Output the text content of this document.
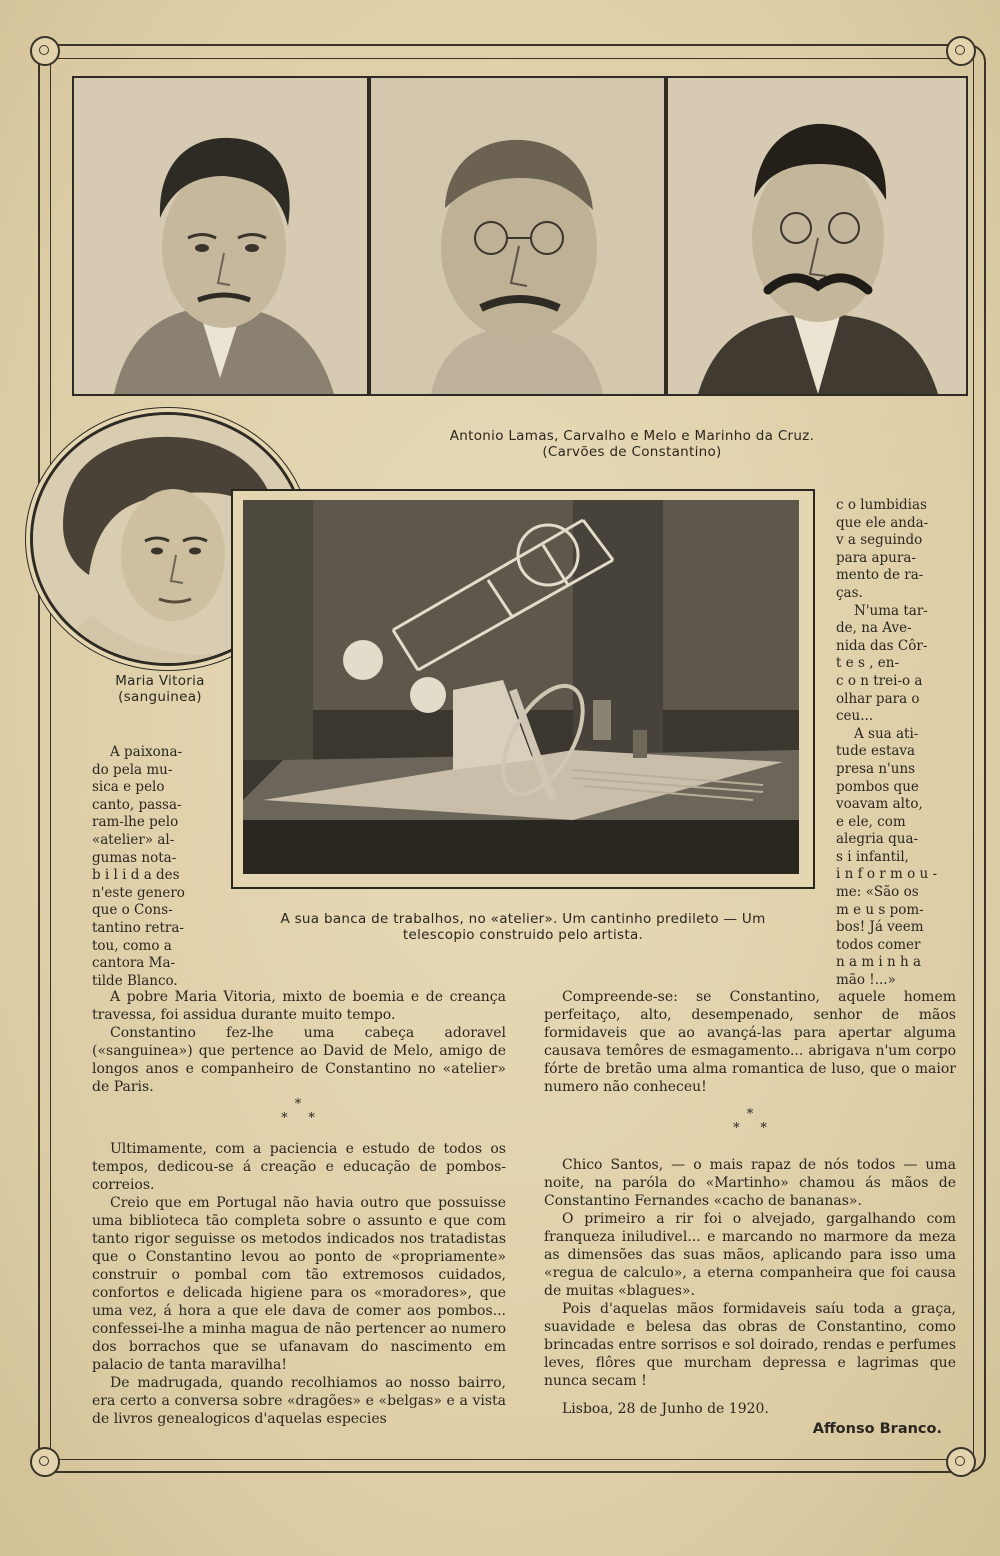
Antonio Lamas, Carvalho e Melo e Marinho da Cruz.
(Carvões de Constantino)
Maria Vitoria
(sanguinea)
A sua banca de trabalhos, no «atelier». Um cantinho predileto — Um
telescopio construido pelo artista.
A paixona-
do pela mu-
sica e pelo
canto, passa-
ram-lhe pelo
«atelier» al-
gumas nota-
b i l i d a des
n'este genero
que o Cons-
tantino retra-
tou, como a
cantora Ma-
tilde Blanco.
c o lumbidias
que ele anda-
v a seguindo
para apura-
mento de ra-
ças.
N'uma tar-
de, na Ave-
nida das Côr-
t e s , en-
c o n trei-o a
olhar para o
ceu...
A sua ati-
tude estava
presa n'uns
pombos que
voavam alto,
e ele, com
alegria qua-
s i infantil,
i n f o r m o u -
me: «São os
m e u s pom-
bos! Já veem
todos comer
n a m i n h a
mão !...»

A pobre Maria Vitoria, mixto de boemia e de creança travessa, foi assidua durante muito tempo.

Constantino fez-lhe uma cabeça adoravel («sanguinea») que pertence ao David de Melo, amigo de longos anos e companheiro de Constantino no «atelier» de Paris.

*
* *

Ultimamente, com a paciencia e estudo de todos os tempos, dedicou-se á creação e educação de pombos-correios.

Creio que em Portugal não havia outro que possuisse uma biblioteca tão completa sobre o assunto e que com tanto rigor seguisse os metodos indicados nos tratadistas que o Constantino levou ao ponto de «propriamente» construir o pombal com tão extremosos cuidados, confortos e delicada higiene para os «moradores», que uma vez, á hora a que ele dava de comer aos pombos... confessei-lhe a minha magua de não pertencer ao numero dos borrachos que se ufanavam do nascimento em palacio de tanta maravilha!

De madrugada, quando recolhiamos ao nosso bairro, era certo a conversa sobre «dragões» e «belgas» e a vista de livros genealogicos d'aquelas especies

Compreende-se: se Constantino, aquele homem perfeitaço, alto, desempenado, senhor de mãos formidaveis que ao avançá-las para apertar alguma causava temôres de esmagamento... abrigava n'um corpo fórte de bretão uma alma romantica de luso, que o maior numero não conheceu!

*
* *

Chico Santos, — o mais rapaz de nós todos — uma noite, na paróla do «Martinho» chamou ás mãos de Constantino Fernandes «cacho de bananas».

O primeiro a rir foi o alvejado, gargalhando com franqueza iniludivel... e marcando no marmore da meza as dimensões das suas mãos, aplicando para isso uma «regua de calculo», a eterna companheira que foi causa de muitas «blagues».

Pois d'aquelas mãos formidaveis saíu toda a graça, suavidade e belesa das obras de Constantino, como brincadas entre sorrisos e sol doirado, rendas e perfumes leves, flôres que murcham depressa e lagrimas que nunca secam !

Lisboa, 28 de Junho de 1920.

Affonso Branco.
